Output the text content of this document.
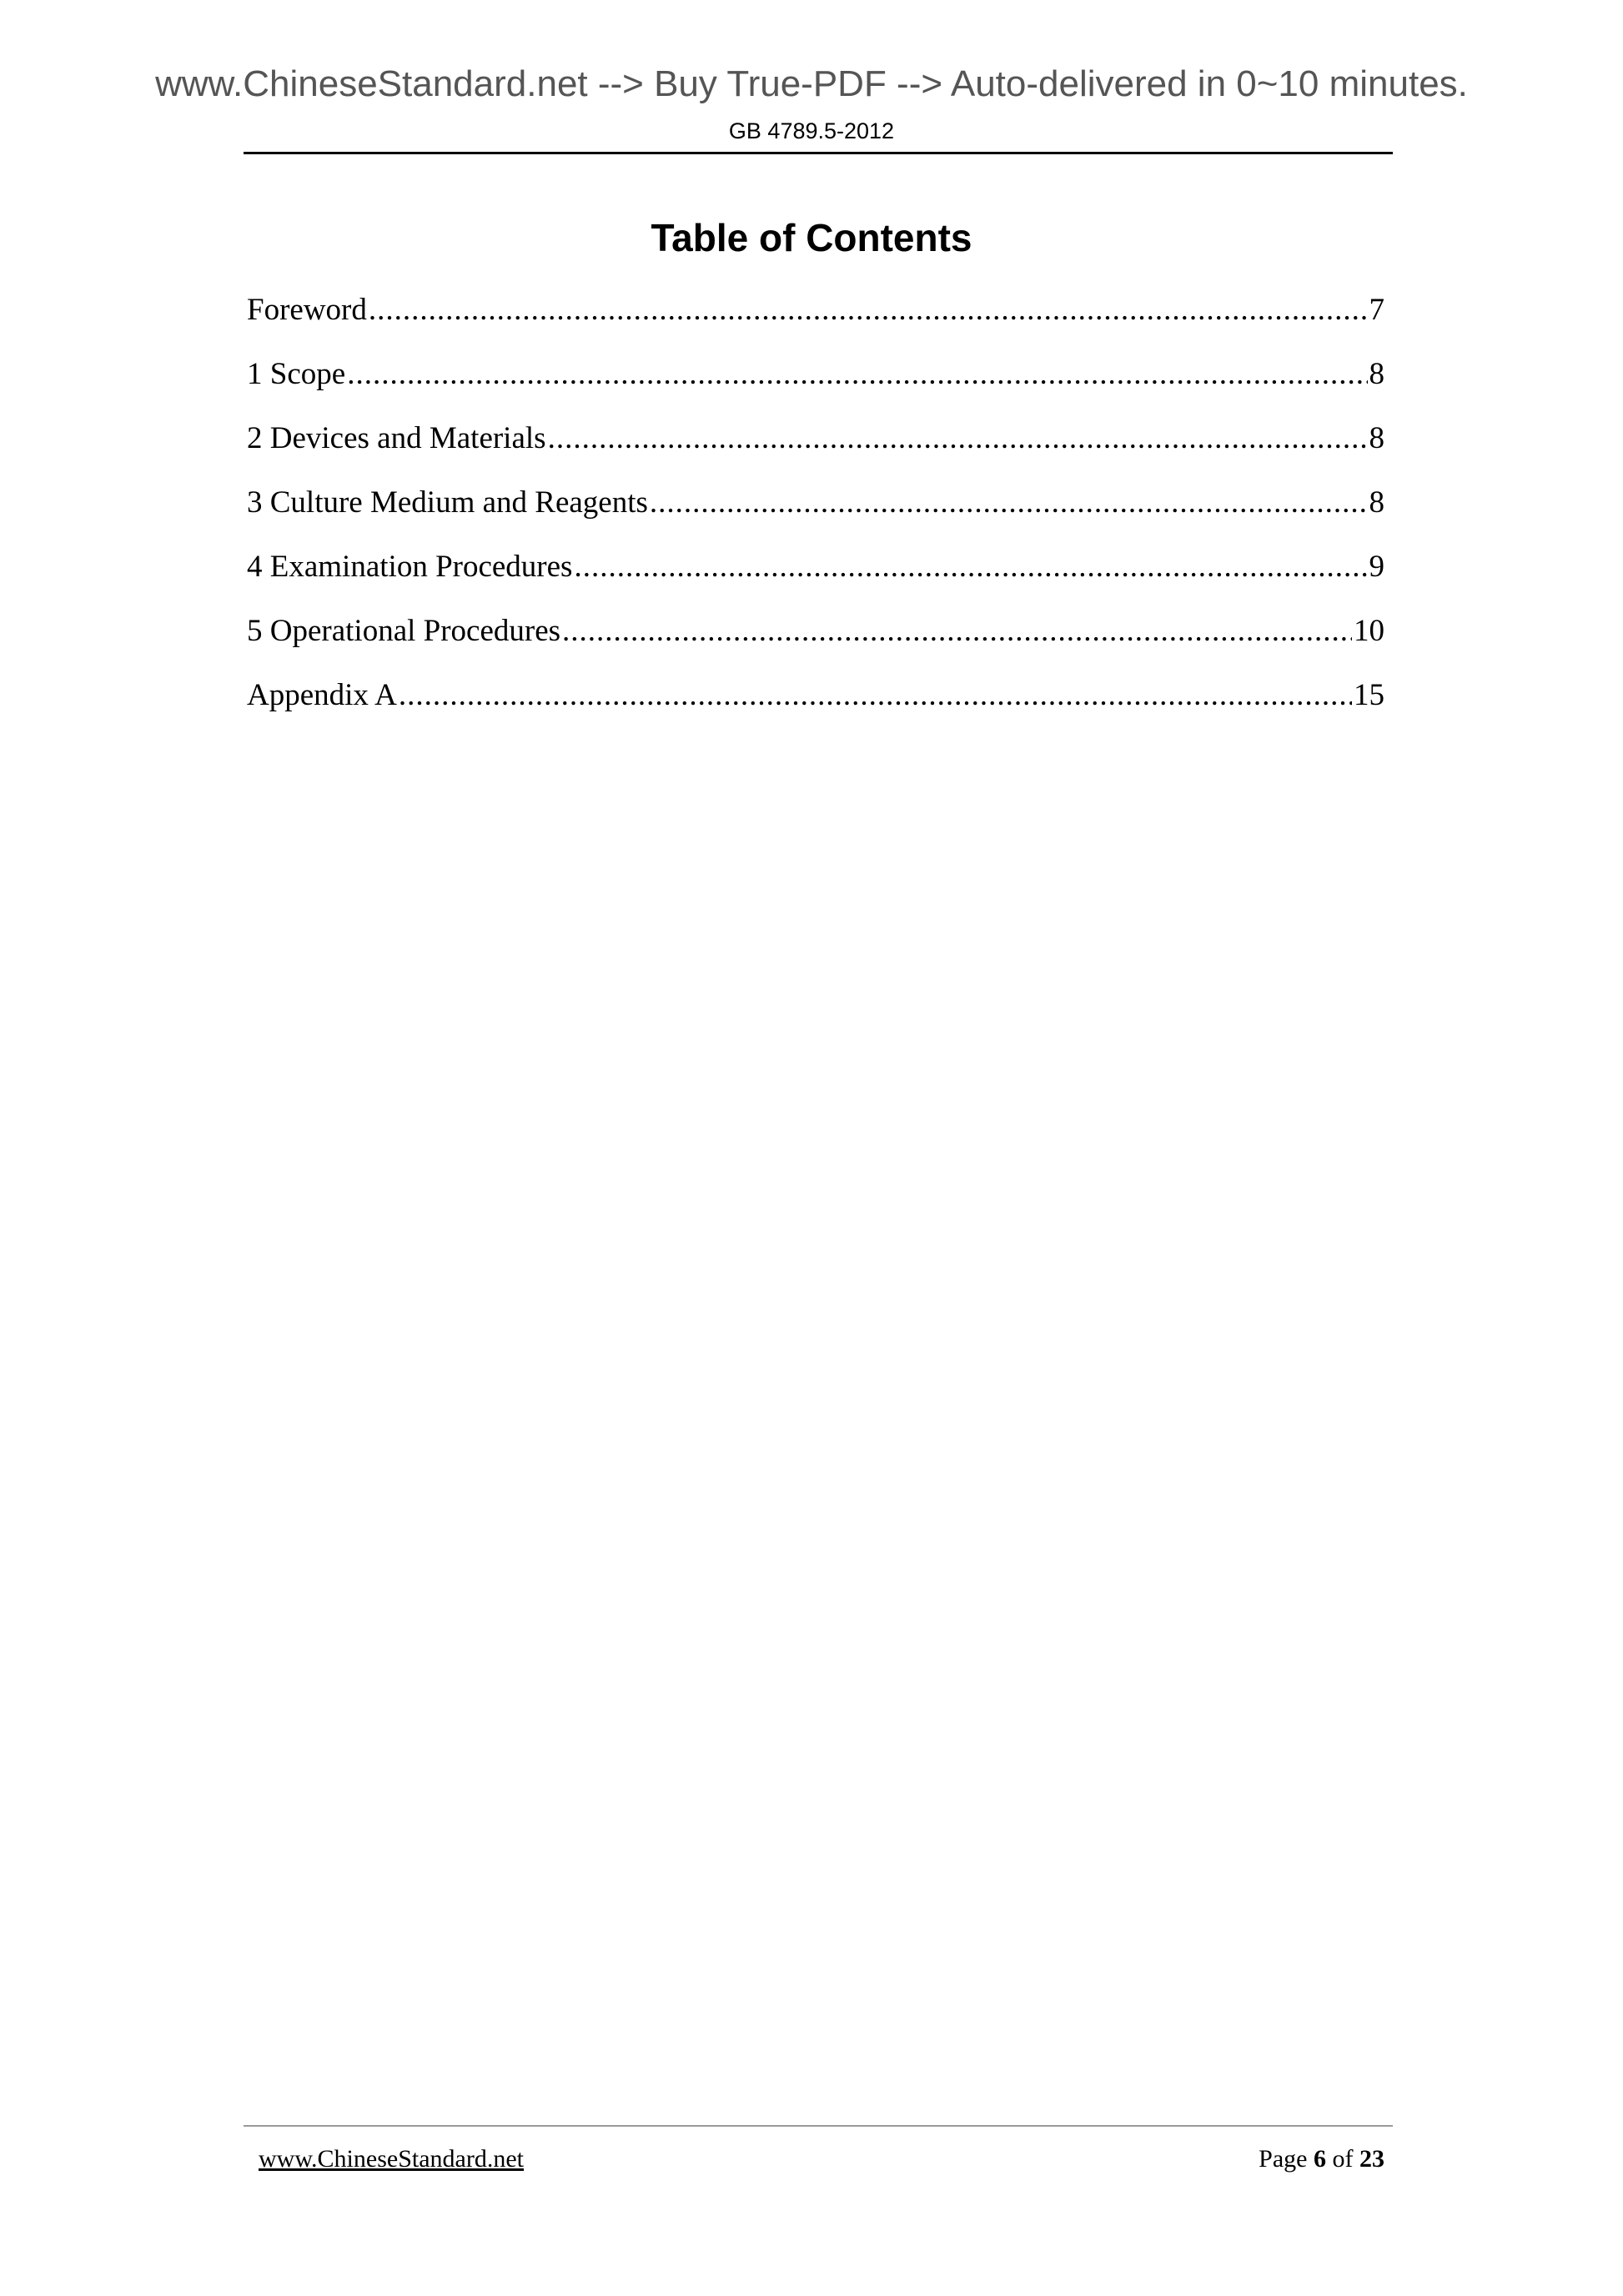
www.ChineseStandard.net --> Buy True-PDF --> Auto-delivered in 0~10 minutes.
GB 4789.5-2012
Table of Contents
Foreword .....	7
1 Scope .....	8
2 Devices and Materials .....	8
3 Culture Medium and Reagents .....	8
4 Examination Procedures .....	9
5 Operational Procedures .....	10
Appendix A .....	15
www.ChineseStandard.net	Page 6 of 23
